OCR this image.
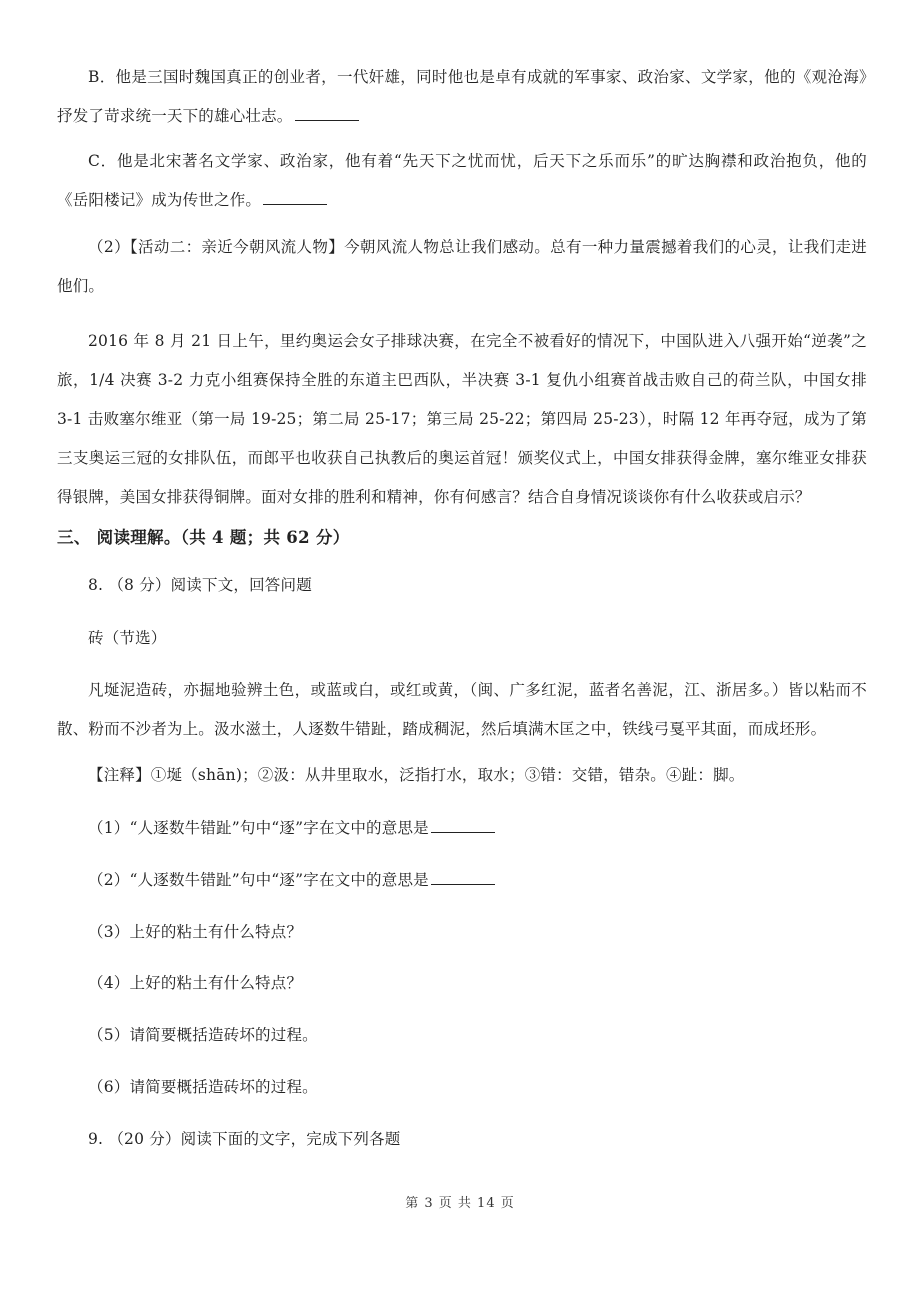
B．他是三国时魏国真正的创业者，一代奸雄，同时他也是卓有成就的军事家、政治家、文学家，他的《观沧海》抒发了苛求统一天下的雄心壮志。

C．他是北宋著名文学家、政治家，他有着“先天下之忧而忧，后天下之乐而乐”的旷达胸襟和政治抱负，他的《岳阳楼记》成为传世之作。

（2）【活动二：亲近今朝风流人物】今朝风流人物总让我们感动。总有一种力量震撼着我们的心灵，让我们走进他们。

2016 年 8 月 21 日上午，里约奥运会女子排球决赛，在完全不被看好的情况下，中国队进入八强开始“逆袭”之旅，1/4 决赛 3-2 力克小组赛保持全胜的东道主巴西队，半决赛 3-1 复仇小组赛首战击败自己的荷兰队，中国女排 3-1 击败塞尔维亚（第一局 19-25；第二局 25-17；第三局 25-22；第四局 25-23），时隔 12 年再夺冠，成为了第三支奥运三冠的女排队伍，而郎平也收获自己执教后的奥运首冠！颁奖仪式上，中国女排获得金牌，塞尔维亚女排获得银牌，美国女排获得铜牌。面对女排的胜利和精神，你有何感言？结合自身情况谈谈你有什么收获或启示？

三、 阅读理解。（共 4 题；共 62 分）

8. （8 分）阅读下文，回答问题

砖（节选）

凡埏泥造砖，亦掘地验辨土色，或蓝或白，或红或黄，（闽、广多红泥，蓝者名善泥，江、浙居多。）皆以粘而不散、粉而不沙者为上。汲水滋土，人逐数牛错趾，踏成稠泥，然后填满木匡之中，铁线弓戛平其面，而成坯形。

【注释】①埏（shān)；②汲：从井里取水，泛指打水，取水；③错：交错，错杂。④趾：脚。

（1）“人逐数牛错趾”句中“逐”字在文中的意思是

（2）“人逐数牛错趾”句中“逐”字在文中的意思是

（3）上好的粘土有什么特点？

（4）上好的粘土有什么特点？

（5）请简要概括造砖坏的过程。

（6）请简要概括造砖坏的过程。

9. （20 分）阅读下面的文字，完成下列各题

第 3 页 共 14 页
